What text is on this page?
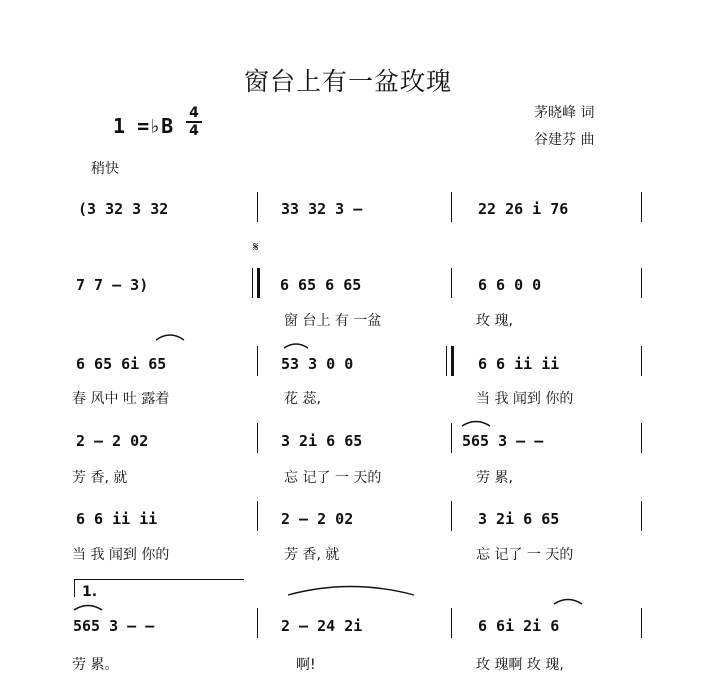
窗台上有一盆玫瑰
1 =♭B $\frac{4}{4}$	茅晓峰 词
谷建芬 曲
稍快
(3 32 3 32	33 32 3 –	22 26 i 76
𝄋
7 7 – 3)	6 65 6 65	6 6 0 0
窗 台上 有 一盆	玫 瑰,
6 65 6i 65	53 3 0 0	6 6 ii ii
春 风中 吐 露着	花 蕊,	当 我 闻到 你的
2 – 2 02	3 2i 6 65	565 3 – –
芳 香, 就	忘 记了 一 天的	劳 累,
6 6 ii ii	2 – 2 02	3 2i 6 65
当 我 闻到 你的	芳 香, 就	忘 记了 一 天的
1.
565 3 – –	2 – 24 2i	6 6i 2i 6
劳 累。	啊!	玫 瑰啊 玫 瑰,
